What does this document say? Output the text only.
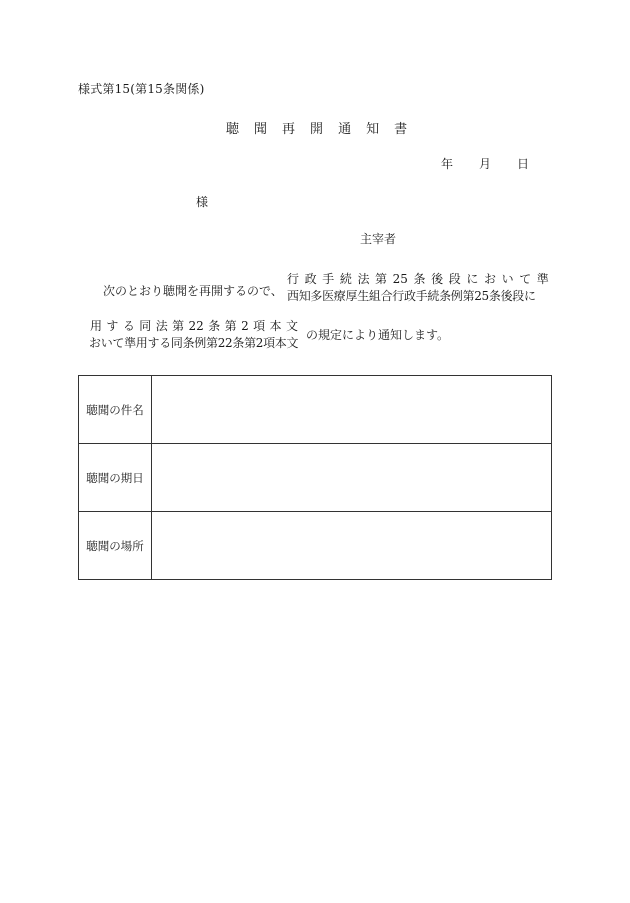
様式第15(第15条関係)
聴 聞 再 開 通 知 書
年 月 日
様
主宰者
次のとおり聴聞を再開するので、
行 政 手 続 法 第 25 条 後 段 に お い て 準
西知多医療厚生組合行政手続条例第25条後段に
用 す る 同 法 第 22 条 第 2 項 本 文
おいて準用する同条例第22条第2項本文
の規定により通知します。
聴聞の件名	
聴聞の期日	
聴聞の場所	
